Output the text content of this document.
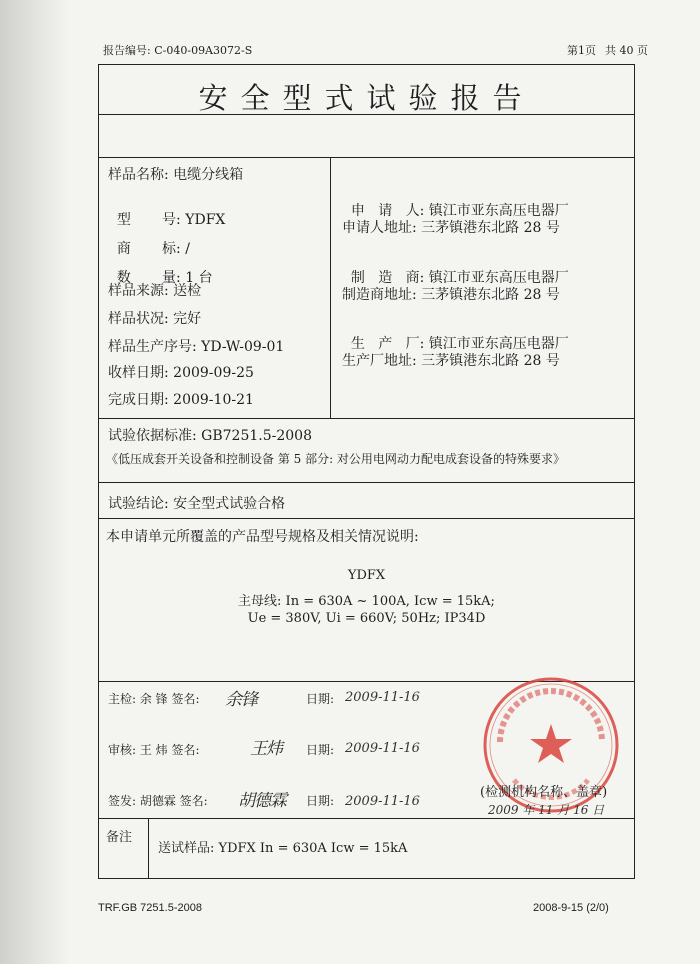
报告编号: C-040-09A3072-S	第1页 共 40 页
安全型式试验报告
样品名称: 电缆分线箱

型       号: YDFX

商       标: /

数       量: 1 台

样品来源: 送检
样品状况: 完好
样品生产序号: YD-W-09-01
收样日期: 2009-09-25
完成日期: 2009-10-21

申   请   人: 镇江市亚东高压电器厂

申请人地址: 三茅镇港东北路 28 号

制   造   商: 镇江市亚东高压电器厂

制造商地址: 三茅镇港东北路 28 号

生   产   厂: 镇江市亚东高压电器厂

生产厂地址: 三茅镇港东北路 28 号
试验依据标准: GB7251.5-2008
《低压成套开关设备和控制设备 第 5 部分: 对公用电网动力配电成套设备的特殊要求》
试验结论: 安全型式试验合格
本申请单元所覆盖的产品型号规格及相关情况说明:
YDFX
主母线: In = 630A ~ 100A, Icw = 15kA;
Ue = 380V, Ui = 660V; 50Hz; IP34D
主检: 余 锋 签名: 余锋	日期: 2009-11-16
审核: 王 炜 签名:	王炜 日期: 2009-11-16
签发: 胡德霖 签名: 胡德霖 日期: 2009-11-16
(检测机构名称、盖章)
2009 年 11 月 16 日
备注
送试样品: YDFX In = 630A Icw = 15kA
TRF.GB 7251.5-2008	2008-9-15 (2/0)
